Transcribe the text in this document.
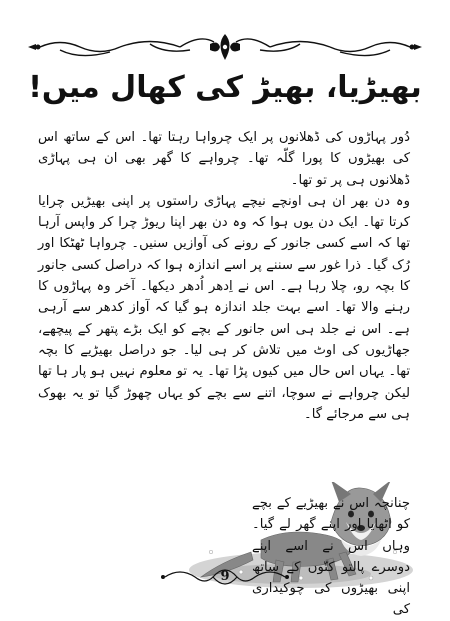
بھیڑیا، بھیڑ کی کھال میں!

دُور پہاڑوں کی ڈھلانوں پر ایک چرواہا رہتا تھا۔ اس کے ساتھ اس کی بھیڑوں کا پورا گلّہ تھا۔ چرواہے کا گھر بھی ان ہی پہاڑی ڈھلانوں ہی پر تو تھا۔

وہ دن بھر ان ہی اونچے نیچے پہاڑی راستوں پر اپنی بھیڑیں چرایا کرتا تھا۔ ایک دن یوں ہوا کہ وہ دن بھر اپنا ریوڑ چرا کر واپس آرہا تھا کہ اسے کسی جانور کے رونے کی آوازیں سنیں۔ چرواہا ٹھٹکا اور رُک گیا۔ ذرا غور سے سننے پر اسے اندازہ ہوا کہ دراصل کسی جانور کا بچہ رو، چلا رہا ہے۔ اس نے اِدھر اُدھر دیکھا۔ آخر وہ پہاڑوں کا رہنے والا تھا۔ اسے بہت جلد اندازہ ہو گیا کہ آواز کدھر سے آرہی ہے۔ اس نے جلد ہی اس جانور کے بچے کو ایک بڑے پتھر کے پیچھے، جھاڑیوں کی اوٹ میں تلاش کر ہی لیا۔ جو دراصل بھیڑیے کا بچہ تھا۔ یہاں اس حال میں کیوں پڑا تھا۔ یہ تو معلوم نہیں ہو پار ہا تھا لیکن چرواہے نے سوچا، اتنے سے بچے کو یہاں چھوڑ گیا تو یہ بھوک ہی سے مرجائے گا۔

چنانچہ اس نے بھیڑیے کے بچے کو اٹھایا اور اپنے گھر لے گیا۔ وہاں اس نے اسے اپنے دوسرے پالتو کتّوں کے ساتھ اپنی بھیڑوں کی چوکیداری کی

9
